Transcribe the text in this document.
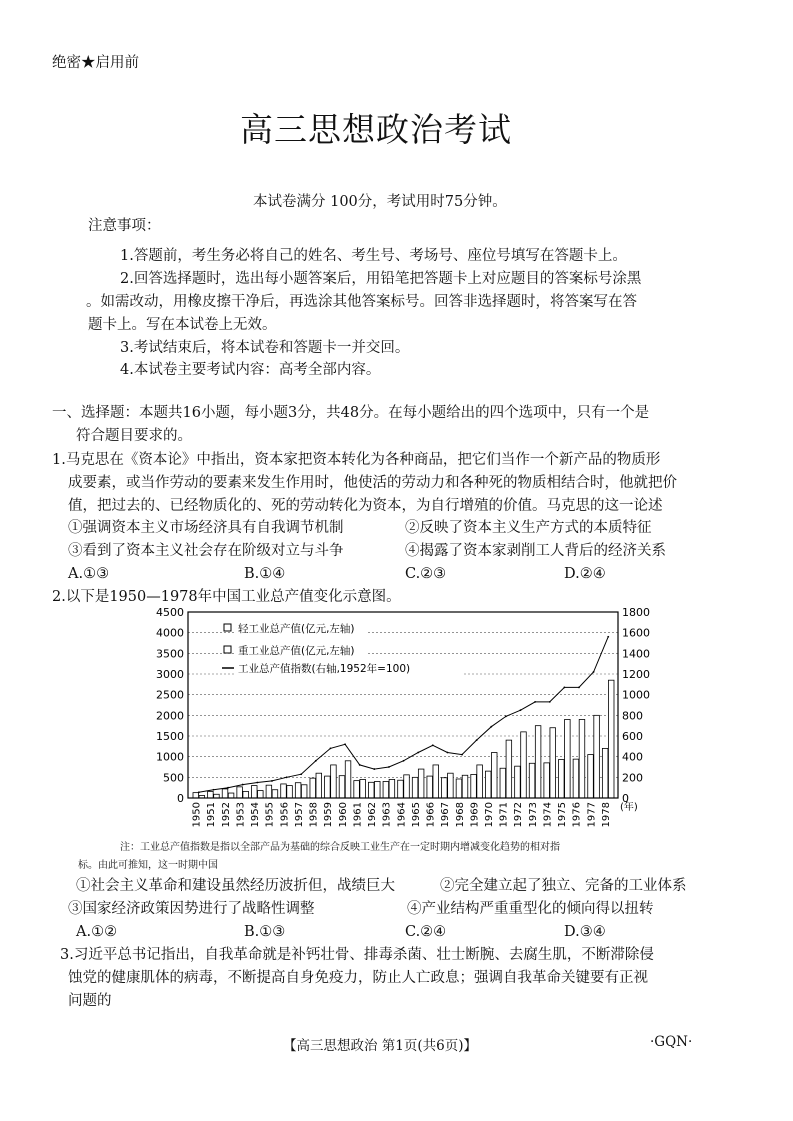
绝密★启用前
高三思想政治考试
本试卷满分 100分，考试用时75分钟。
注意事项：
1.答题前，考生务必将自己的姓名、考生号、考场号、座位号填写在答题卡上。
2.回答选择题时，选出每小题答案后，用铅笔把答题卡上对应题目的答案标号涂黑
。如需改动，用橡皮擦干净后，再选涂其他答案标号。回答非选择题时，将答案写在答
题卡上。写在本试卷上无效。
3.考试结束后，将本试卷和答题卡一并交回。
4.本试卷主要考试内容：高考全部内容。
一、选择题：本题共16小题，每小题3分，共48分。在每小题给出的四个选项中，只有一个是
符合题目要求的。
1.马克思在《资本论》中指出，资本家把资本转化为各种商品，把它们当作一个新产品的物质形
成要素，或当作劳动的要素来发生作用时，他使活的劳动力和各种死的物质相结合时，他就把价
值，把过去的、已经物质化的、死的劳动转化为资本，为自行增殖的价值。马克思的这一论述
①强调资本主义市场经济具有自我调节机制	②反映了资本主义生产方式的本质特征
③看到了资本主义社会存在阶级对立与斗争	④揭露了资本家剥削工人背后的经济关系
A.①③	B.①④	C.②③	D.②④
2.以下是1950—1978年中国工业总产值变化示意图。
0
500
1000
1500
2000
2500
3000
3500
4000
4500
0
200
400
600
800
1000
1200
1400
1600
1800
1950 1951 1952 1953 1954 1955 1956 1957 1958 1959 1960 1961 1962 1963 1964 1965 1966 1967 1968 1969 1970 1971 1972 1973 1974 1975 1976 1977 1978 (年)
轻工业总产值(亿元,左轴)
重工业总产值(亿元,左轴)
工业总产值指数(右轴,1952年=100)
注：工业总产值指数是指以全部产品为基础的综合反映工业生产在一定时期内增减变化趋势的相对指
标。由此可推知，这一时期中国
①社会主义革命和建设虽然经历波折但，战绩巨大	②完全建立起了独立、完备的工业体系
③国家经济政策因势进行了战略性调整	④产业结构严重重型化的倾向得以扭转
A.①②	B.①③	C.②④	D.③④
3.习近平总书记指出，自我革命就是补钙壮骨、排毒杀菌、壮士断腕、去腐生肌，不断滞除侵
蚀党的健康肌体的病毒，不断提高自身免疫力，防止人亡政息；强调自我革命关键要有正视
问题的
【高三思想政治 第1页(共6页)】	·GQN·
